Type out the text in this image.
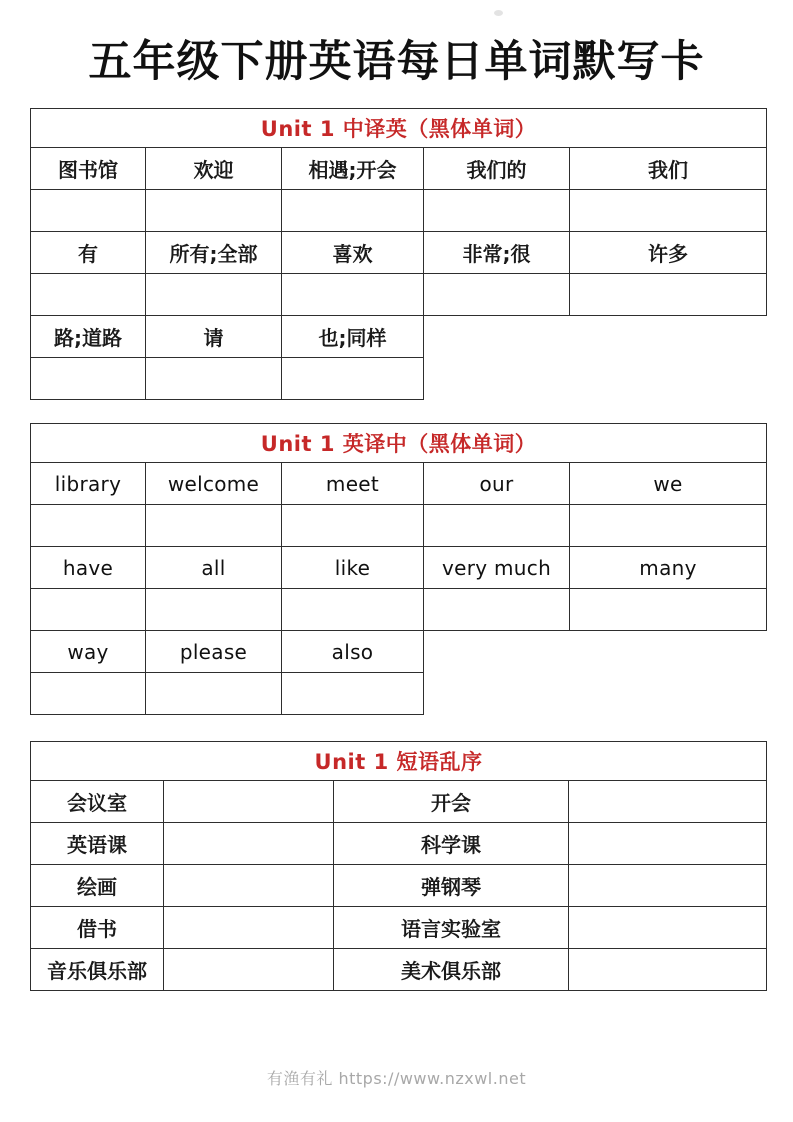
五年级下册英语每日单词默写卡
Unit 1 中译英（黑体单词）				
图书馆	欢迎	相遇;开会	我们的	我们

有	所有;全部	喜欢	非常;很	许多

路;道路	请	也;同样		

Unit 1 英译中（黑体单词）				
library	welcome	meet	our	we

have	all	like	very much	many

way	please	also		

Unit 1 短语乱序			
会议室		开会	
英语课		科学课	
绘画		弹钢琴	
借书		语言实验室	
音乐俱乐部		美术俱乐部	
有渔有礼 https://www.nzxwl.net
